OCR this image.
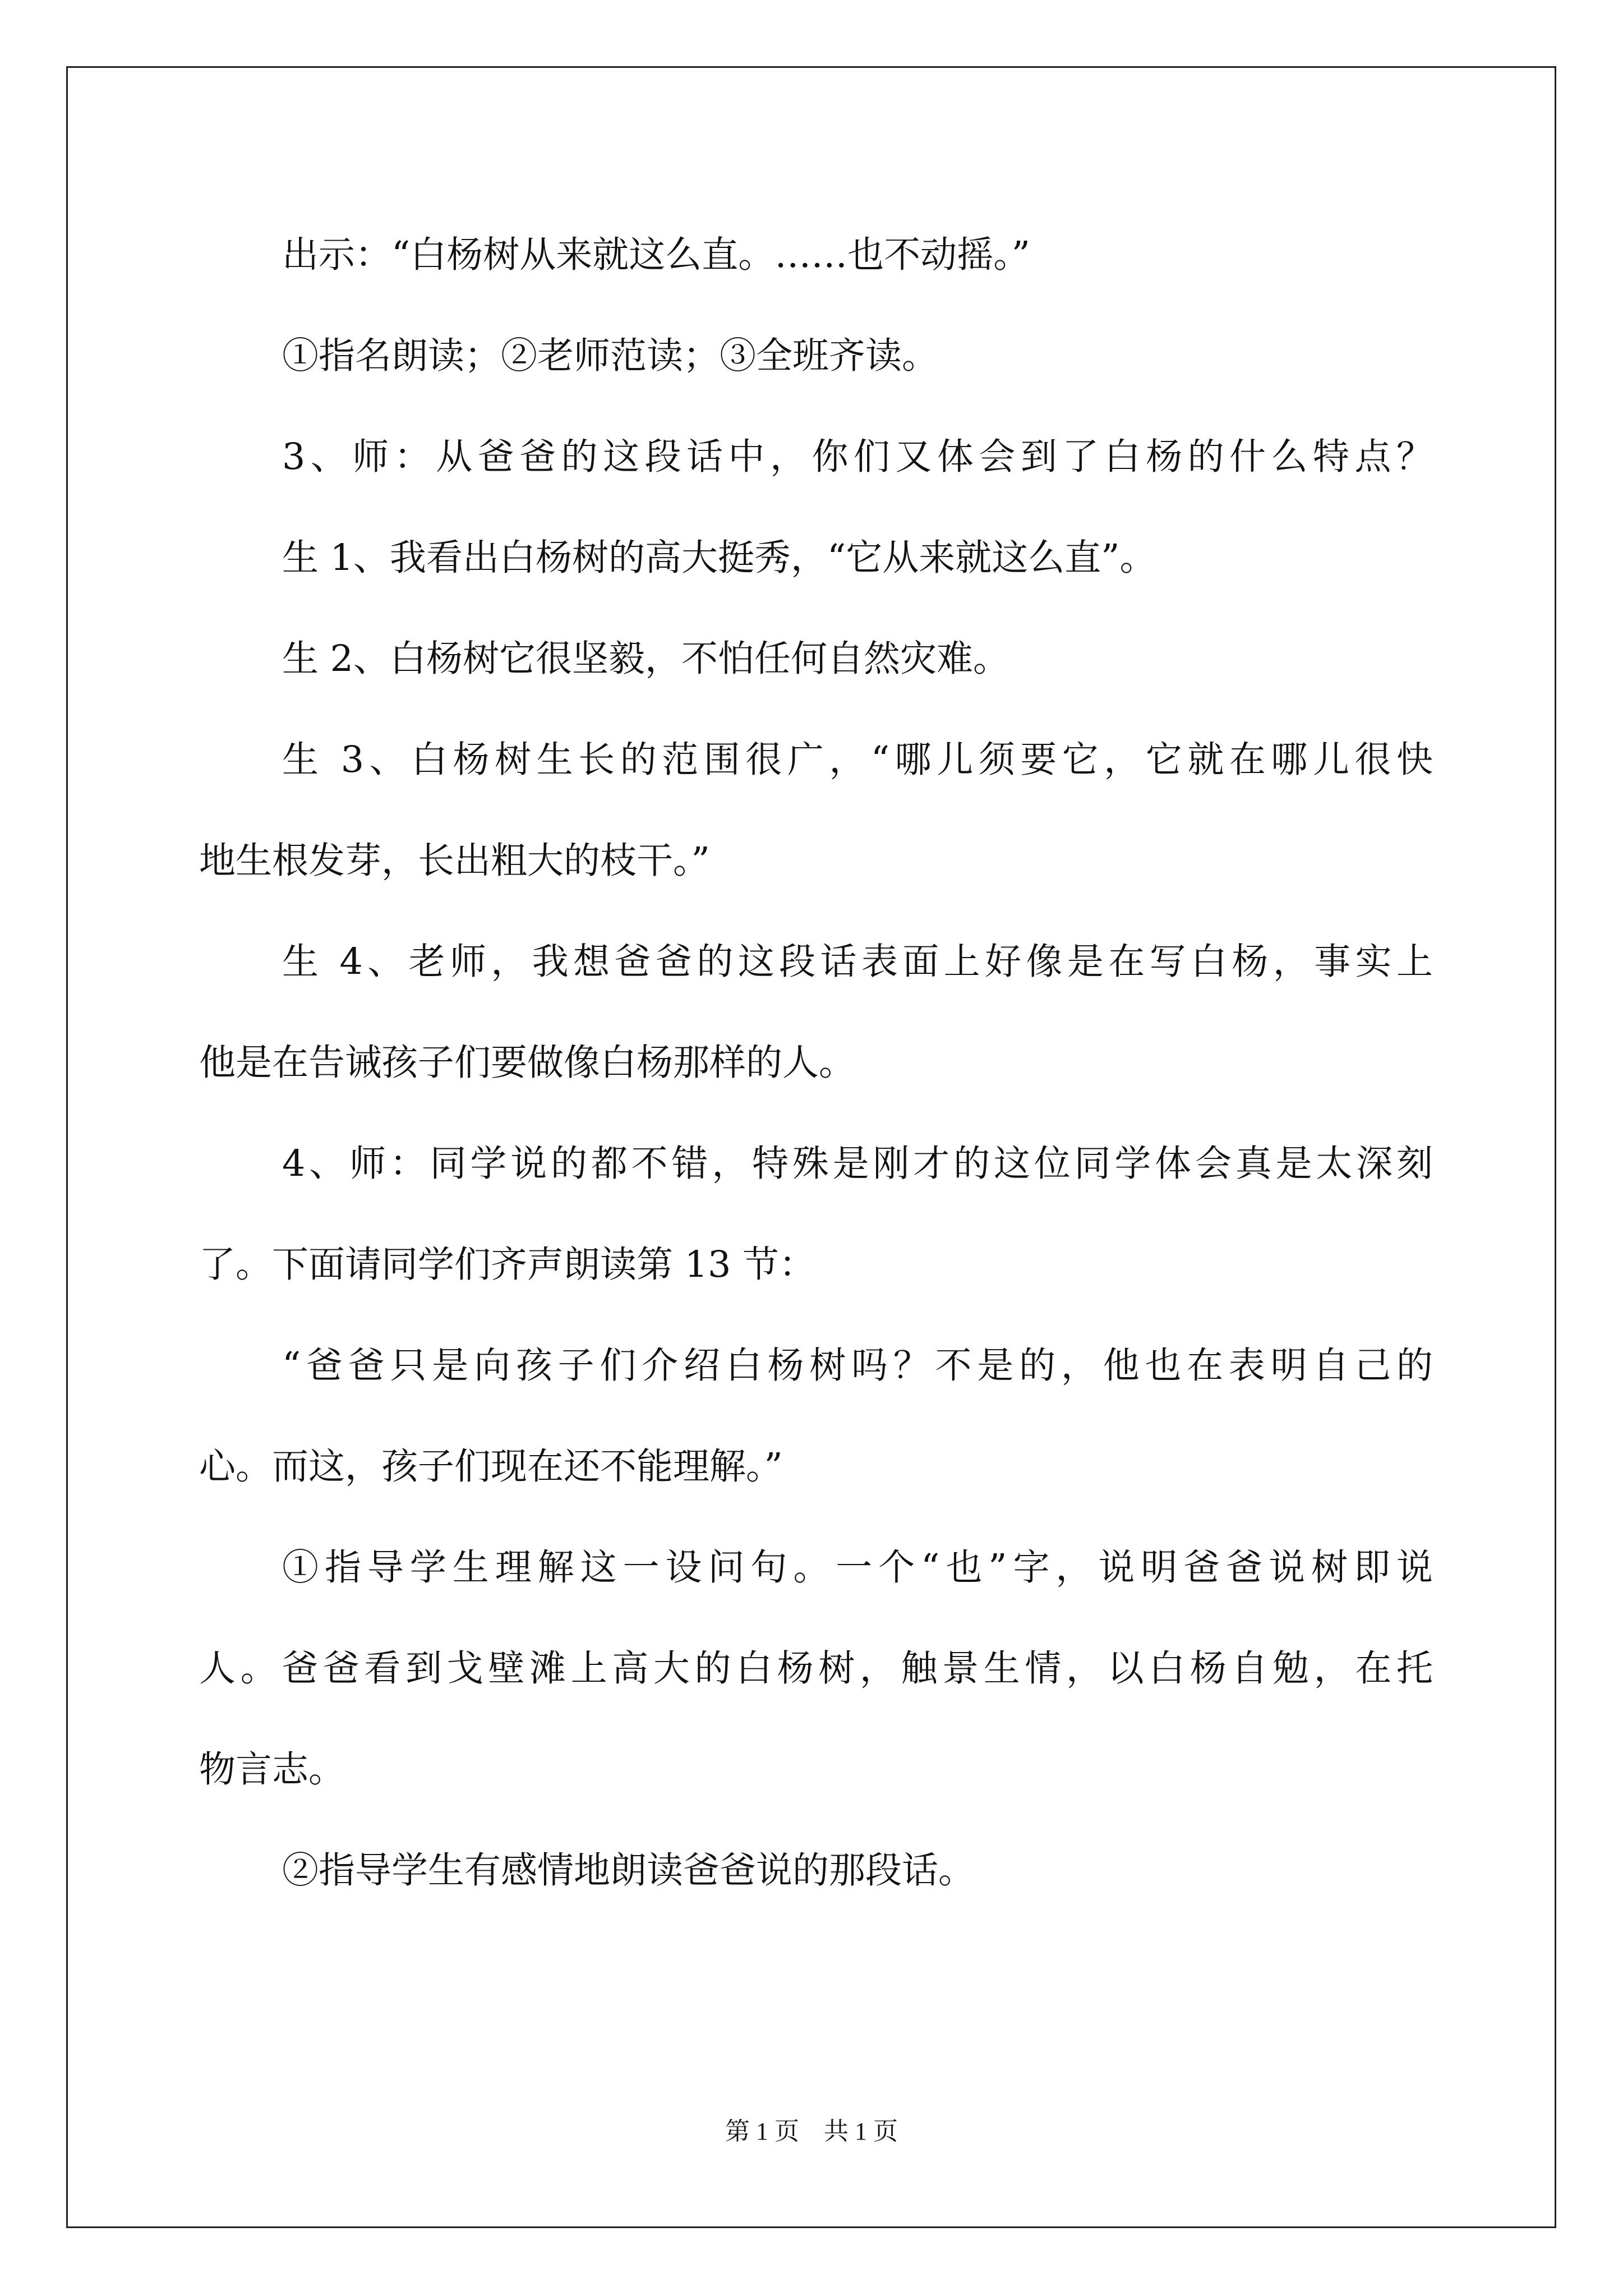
出示：“白杨树从来就这么直。……也不动摇。”
①指名朗读；②老师范读；③全班齐读。
3、师：从爸爸的这段话中，你们又体会到了白杨的什么特点？
生 1、我看出白杨树的高大挺秀，“它从来就这么直”。
生 2、白杨树它很坚毅，不怕任何自然灾难。
生 3、白杨树生长的范围很广，“哪儿须要它，它就在哪儿很快
地生根发芽，长出粗大的枝干。”
生 4、老师，我想爸爸的这段话表面上好像是在写白杨，事实上
他是在告诫孩子们要做像白杨那样的人。
4、师：同学说的都不错，特殊是刚才的这位同学体会真是太深刻
了。下面请同学们齐声朗读第 13 节：
“爸爸只是向孩子们介绍白杨树吗？不是的，他也在表明自己的
心。而这，孩子们现在还不能理解。”
①指导学生理解这一设问句。一个“也”字，说明爸爸说树即说
人。爸爸看到戈壁滩上高大的白杨树，触景生情，以白杨自勉，在托
物言志。
②指导学生有感情地朗读爸爸说的那段话。
第 1 页　共 1 页
